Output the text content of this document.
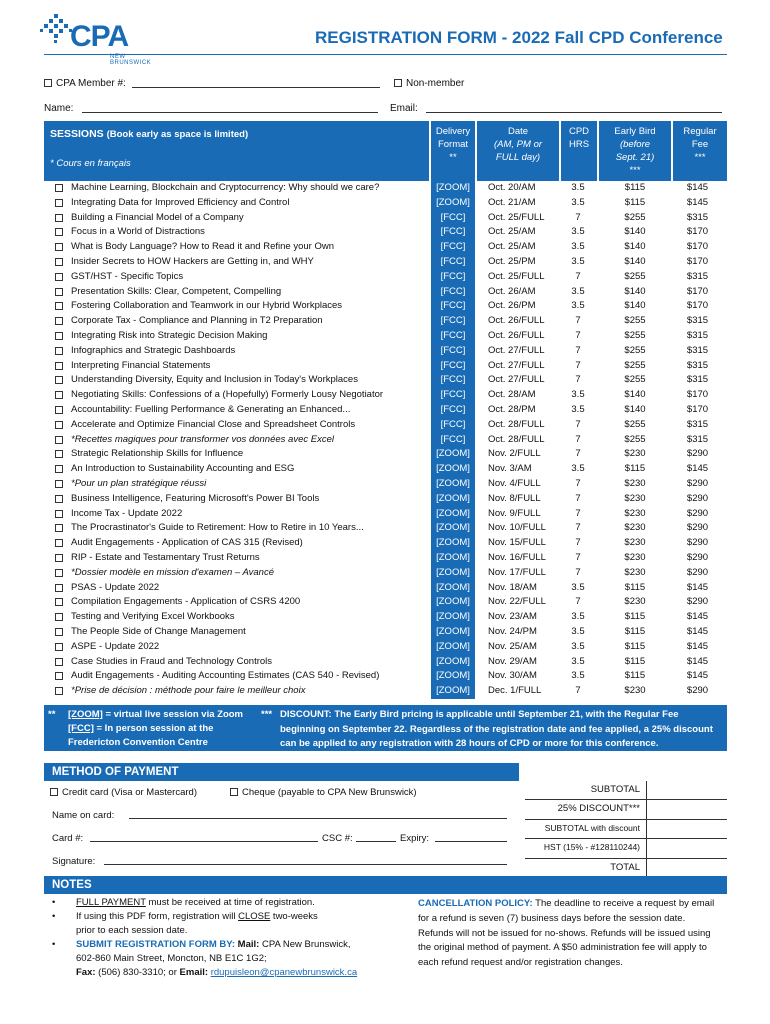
CPA
NEW BRUNSWICK
REGISTRATION FORM - 2022 Fall CPD Conference
CPA Member #:	Non-member
Name:	Email:
SESSIONS (Book early as space is limited)
* Cours en français
Delivery
Format
**
Date
(AM, PM or
FULL day)
CPD
HRS
Early Bird
(before
Sept. 21)
***
Regular
Fee
***
Machine Learning, Blockchain and Cryptocurrency: Why should we care?	[ZOOM]	Oct. 20/AM	3.5	$115	$145
Integrating Data for Improved Efficiency and Control	[ZOOM]	Oct. 21/AM	3.5	$115	$145
Building a Financial Model of a Company	[FCC]	Oct. 25/FULL	7	$255	$315
Focus in a World of Distractions	[FCC]	Oct. 25/AM	3.5	$140	$170
What is Body Language? How to Read it and Refine your Own	[FCC]	Oct. 25/AM	3.5	$140	$170
Insider Secrets to HOW Hackers are Getting in, and WHY	[FCC]	Oct. 25/PM	3.5	$140	$170
GST/HST - Specific Topics	[FCC]	Oct. 25/FULL	7	$255	$315
Presentation Skills: Clear, Competent, Compelling	[FCC]	Oct. 26/AM	3.5	$140	$170
Fostering Collaboration and Teamwork in our Hybrid Workplaces	[FCC]	Oct. 26/PM	3.5	$140	$170
Corporate Tax - Compliance and Planning in T2 Preparation	[FCC]	Oct. 26/FULL	7	$255	$315
Integrating Risk into Strategic Decision Making	[FCC]	Oct. 26/FULL	7	$255	$315
Infographics and Strategic Dashboards	[FCC]	Oct. 27/FULL	7	$255	$315
Interpreting Financial Statements	[FCC]	Oct. 27/FULL	7	$255	$315
Understanding Diversity, Equity and Inclusion in Today's Workplaces	[FCC]	Oct. 27/FULL	7	$255	$315
Negotiating Skills: Confessions of a (Hopefully) Formerly Lousy Negotiator	[FCC]	Oct. 28/AM	3.5	$140	$170
Accountability: Fuelling Performance & Generating an Enhanced...	[FCC]	Oct. 28/PM	3.5	$140	$170
Accelerate and Optimize Financial Close and Spreadsheet Controls	[FCC]	Oct. 28/FULL	7	$255	$315
*Recettes magiques pour transformer vos données avec Excel	[FCC]	Oct. 28/FULL	7	$255	$315
Strategic Relationship Skills for Influence	[ZOOM]	Nov. 2/FULL	7	$230	$290
An Introduction to Sustainability Accounting and ESG	[ZOOM]	Nov. 3/AM	3.5	$115	$145
*Pour un plan stratégique réussi	[ZOOM]	Nov. 4/FULL	7	$230	$290
Business Intelligence, Featuring Microsoft's Power BI Tools	[ZOOM]	Nov. 8/FULL	7	$230	$290
Income Tax - Update 2022	[ZOOM]	Nov. 9/FULL	7	$230	$290
The Procrastinator's Guide to Retirement: How to Retire in 10 Years...	[ZOOM]	Nov. 10/FULL	7	$230	$290
Audit Engagements - Application of CAS 315 (Revised)	[ZOOM]	Nov. 15/FULL	7	$230	$290
RIP - Estate and Testamentary Trust Returns	[ZOOM]	Nov. 16/FULL	7	$230	$290
*Dossier modèle en mission d'examen – Avancé	[ZOOM]	Nov. 17/FULL	7	$230	$290
PSAS - Update 2022	[ZOOM]	Nov. 18/AM	3.5	$115	$145
Compilation Engagements - Application of CSRS 4200	[ZOOM]	Nov. 22/FULL	7	$230	$290
Testing and Verifying Excel Workbooks	[ZOOM]	Nov. 23/AM	3.5	$115	$145
The People Side of Change Management	[ZOOM]	Nov. 24/PM	3.5	$115	$145
ASPE - Update 2022	[ZOOM]	Nov. 25/AM	3.5	$115	$145
Case Studies in Fraud and Technology Controls	[ZOOM]	Nov. 29/AM	3.5	$115	$145
Audit Engagements - Auditing Accounting Estimates (CAS 540 - Revised)	[ZOOM]	Nov. 30/AM	3.5	$115	$145
*Prise de décision : méthode pour faire le meilleur choix	[ZOOM]	Dec. 1/FULL	7	$230	$290
** [ZOOM] = virtual live session via Zoom
[FCC] = In person session at the
Fredericton Convention Centre
*** DISCOUNT: The Early Bird pricing is applicable until September 21, with the Regular Fee beginning on September 22. Regardless of the registration date and fee applied, a 25% discount can be applied to any registration with 28 hours of CPD or more for this conference.
METHOD OF PAYMENT
Credit card (Visa or Mastercard)	Cheque (payable to CPA New Brunswick)
Name on card:
Card #:	CSC #:	Expiry:
Signature:
SUBTOTAL
25% DISCOUNT***
SUBTOTAL with discount
HST (15% - #128110244)
TOTAL
NOTES
• FULL PAYMENT must be received at time of registration.
• If using this PDF form, registration will CLOSE two-weeks
prior to each session date.
• SUBMIT REGISTRATION FORM BY: Mail: CPA New Brunswick,
602-860 Main Street, Moncton, NB E1C 1G2;
Fax: (506) 830-3310; or Email: rdupuisleon@cpanewbrunswick.ca
CANCELLATION POLICY: The deadline to receive a request by email for a refund is seven (7) business days before the session date. Refunds will not be issued for no-shows. Refunds will be issued using the original method of payment. A $50 administration fee will apply to each refund request and/or registration changes.
